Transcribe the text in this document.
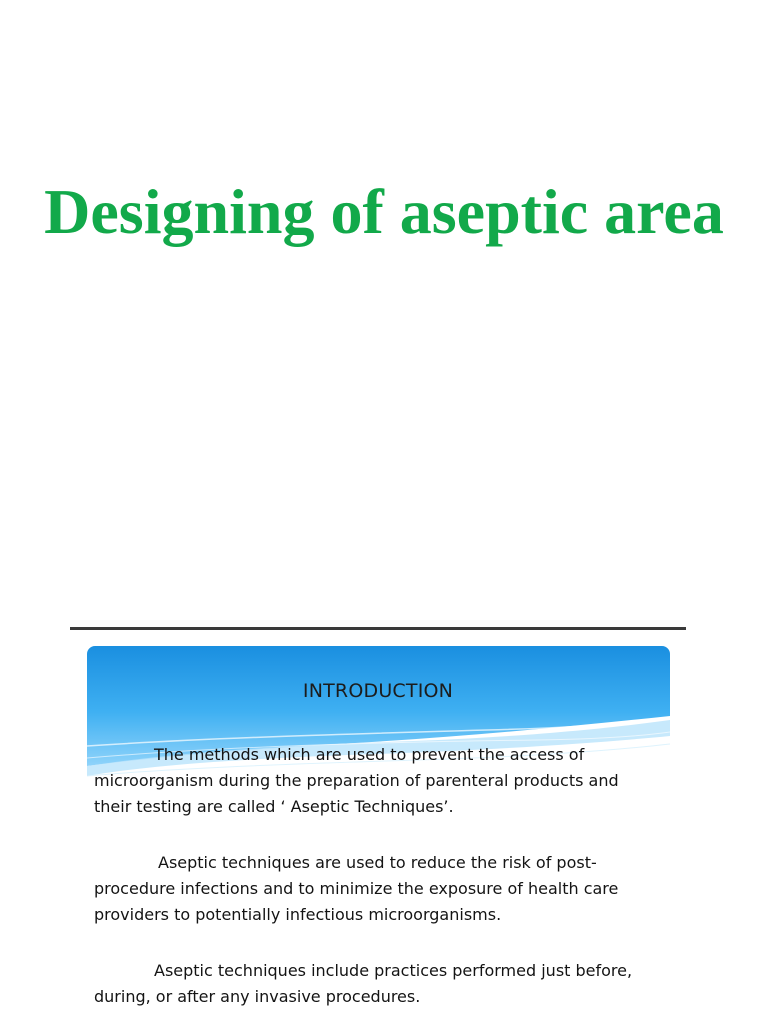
Designing of aseptic area
INTRODUCTION

The methods which are used to prevent the access of microorganism during the preparation of parenteral products and their testing are called ‘ Aseptic Techniques’.

Aseptic techniques are used to reduce the risk of post-procedure infections and to minimize the exposure of health care providers to potentially infectious microorganisms.

Aseptic techniques include practices performed just before, during, or after any invasive procedures.
